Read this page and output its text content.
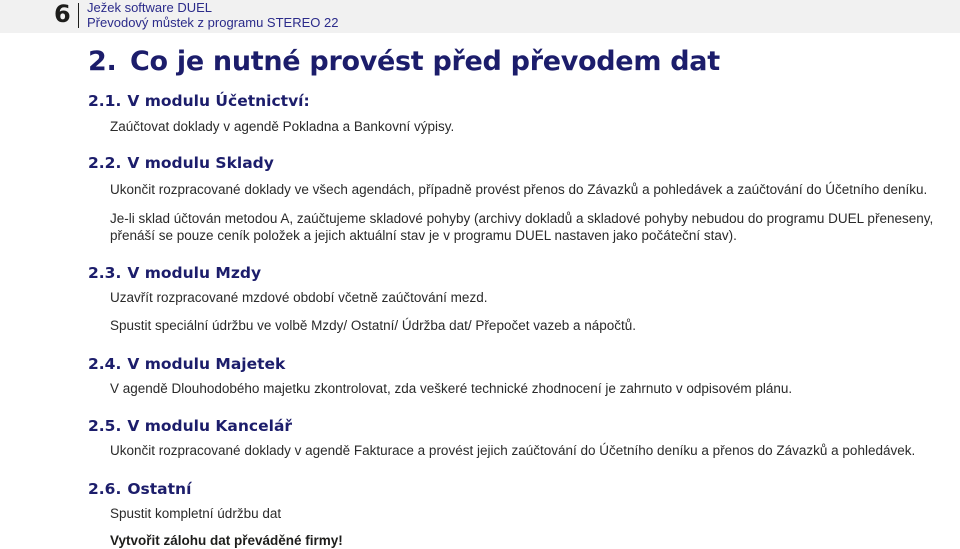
6 Ježek software DUEL
Převodový můstek z programu STEREO 22
2. Co je nutné provést před převodem dat
2.1. V modulu Účetnictví:

Zaúčtovat doklady v agendě Pokladna a Bankovní výpisy.

2.2. V modulu Sklady

Ukončit rozpracované doklady ve všech agendách, případně provést přenos do Závazků a pohledávek a zaúčtování do Účetního deníku.

Je-li sklad účtován metodou A, zaúčtujeme skladové pohyby (archivy dokladů a skladové pohyby nebudou do programu DUEL přeneseny,

přenáší se pouze ceník položek a jejich aktuální stav je v programu DUEL nastaven jako počáteční stav).

2.3. V modulu Mzdy

Uzavřít rozpracované mzdové období včetně zaúčtování mezd.

Spustit speciální údržbu ve volbě Mzdy/ Ostatní/ Údržba dat/ Přepočet vazeb a nápočtů.

2.4. V modulu Majetek

V agendě Dlouhodobého majetku zkontrolovat, zda veškeré technické zhodnocení je zahrnuto v odpisovém plánu.

2.5. V modulu Kancelář

Ukončit rozpracované doklady v agendě Fakturace a provést jejich zaúčtování do Účetního deníku a přenos do Závazků a pohledávek.

2.6. Ostatní

Spustit kompletní údržbu dat

Vytvořit zálohu dat převáděné firmy!
